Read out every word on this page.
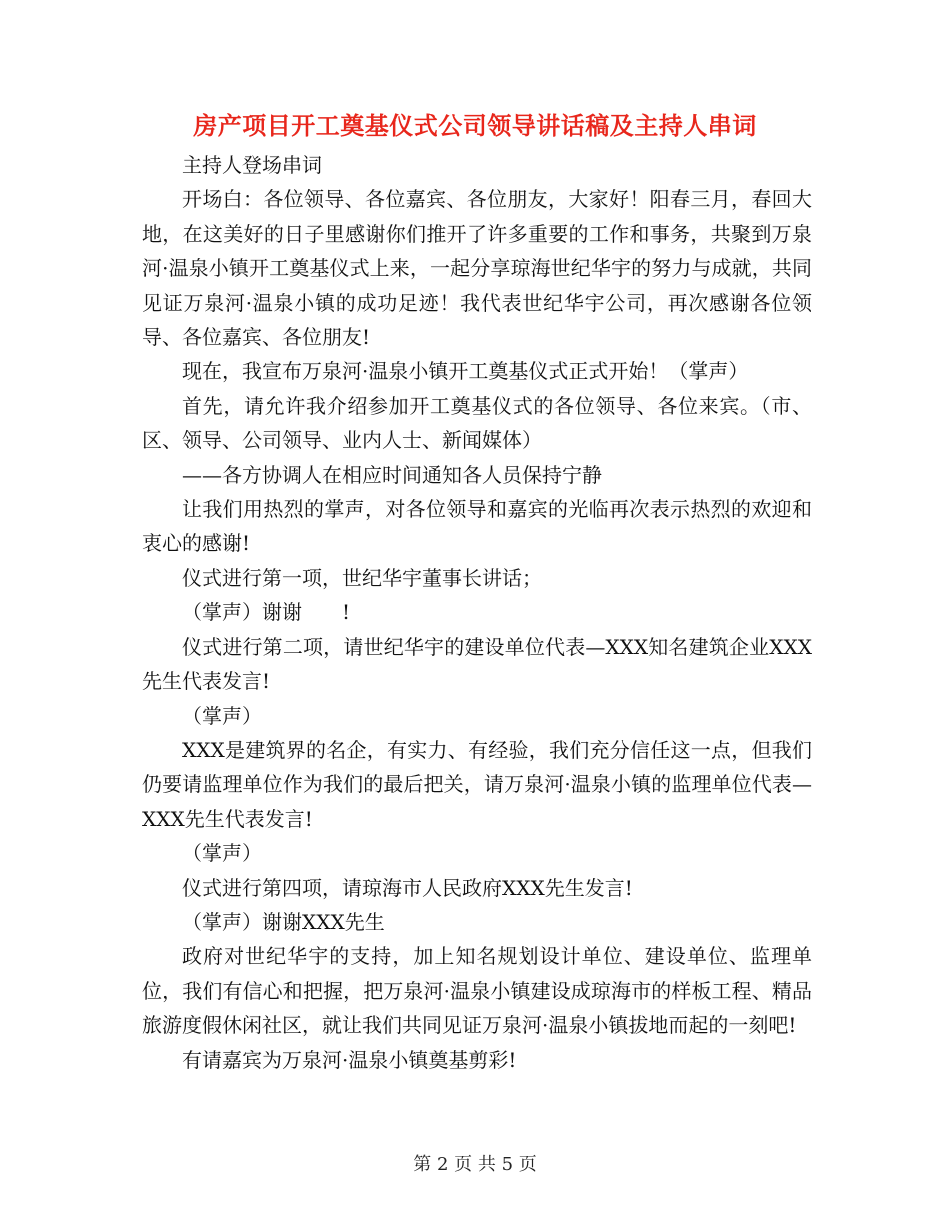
房产项目开工奠基仪式公司领导讲话稿及主持人串词

主持人登场串词

开场白：各位领导、各位嘉宾、各位朋友，大家好！阳春三月，春回大地，在这美好的日子里感谢你们推开了许多重要的工作和事务，共聚到万泉河·温泉小镇开工奠基仪式上来，一起分享琼海世纪华宇的努力与成就，共同见证万泉河·温泉小镇的成功足迹！我代表世纪华宇公司，再次感谢各位领导、各位嘉宾、各位朋友!

现在，我宣布万泉河·温泉小镇开工奠基仪式正式开始！（掌声）

首先，请允许我介绍参加开工奠基仪式的各位领导、各位来宾。（市、区、领导、公司领导、业内人士、新闻媒体）

——各方协调人在相应时间通知各人员保持宁静

让我们用热烈的掌声，对各位领导和嘉宾的光临再次表示热烈的欢迎和衷心的感谢!

仪式进行第一项，世纪华宇董事长讲话；

（掌声）谢谢　　!

仪式进行第二项，请世纪华宇的建设单位代表—XXX知名建筑企业XXX先生代表发言!

（掌声）

XXX是建筑界的名企，有实力、有经验，我们充分信任这一点，但我们仍要请监理单位作为我们的最后把关，请万泉河·温泉小镇的监理单位代表—XXX先生代表发言!

（掌声）

仪式进行第四项，请琼海市人民政府XXX先生发言!

（掌声）谢谢XXX先生

政府对世纪华宇的支持，加上知名规划设计单位、建设单位、监理单位，我们有信心和把握，把万泉河·温泉小镇建设成琼海市的样板工程、精品旅游度假休闲社区，就让我们共同见证万泉河·温泉小镇拔地而起的一刻吧!

有请嘉宾为万泉河·温泉小镇奠基剪彩!

第 2 页 共 5 页
